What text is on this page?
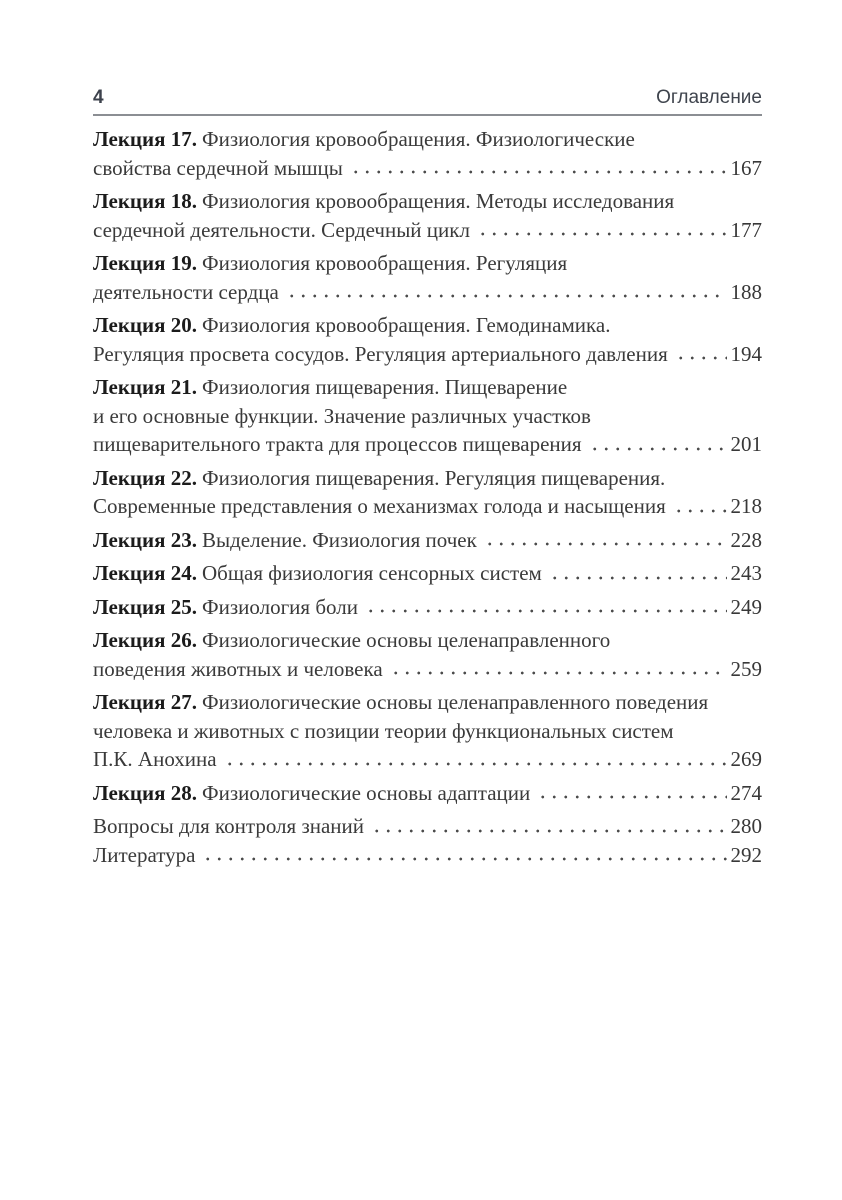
4	Оглавление

Лекция 17. Физиология кровообращения. Физиологические
свойства сердечной мышцы	167

Лекция 18. Физиология кровообращения. Методы исследования
сердечной деятельности. Сердечный цикл	177

Лекция 19. Физиология кровообращения. Регуляция
деятельности сердца	188

Лекция 20. Физиология кровообращения. Гемодинамика.
Регуляция просвета сосудов. Регуляция артериального давления	194

Лекция 21. Физиология пищеварения. Пищеварение
и его основные функции. Значение различных участков
пищеварительного тракта для процессов пищеварения	201

Лекция 22. Физиология пищеварения. Регуляция пищеварения.
Современные представления о механизмах голода и насыщения	218

Лекция 23. Выделение. Физиология почек	228

Лекция 24. Общая физиология сенсорных систем	243

Лекция 25. Физиология боли	249

Лекция 26. Физиологические основы целенаправленного
поведения животных и человека	259

Лекция 27. Физиологические основы целенаправленного поведения
человека и животных с позиции теории функциональных систем
П.К. Анохина	269

Лекция 28. Физиологические основы адаптации	274

Вопросы для контроля знаний	280

Литература	292
